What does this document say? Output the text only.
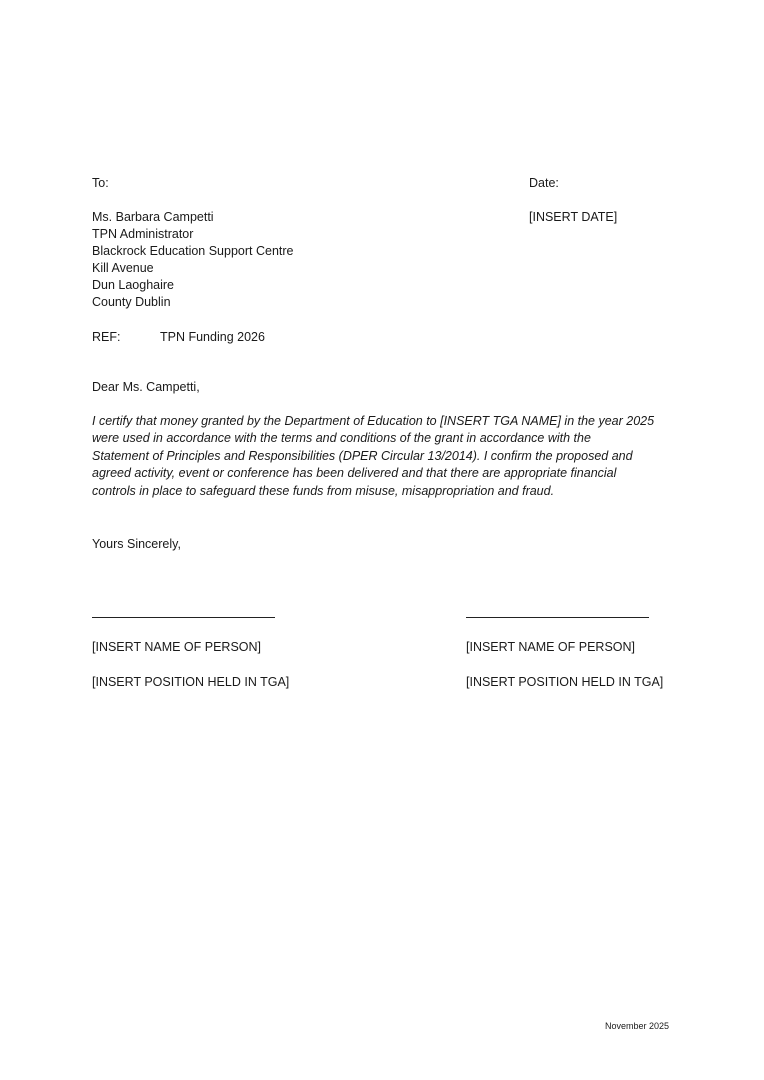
To:	Date:
[INSERT DATE]
Ms. Barbara Campetti
TPN Administrator
Blackrock Education Support Centre
Kill Avenue
Dun Laoghaire
County Dublin
REF:	TPN Funding 2026
Dear Ms. Campetti,
I certify that money granted by the Department of Education to [INSERT TGA NAME] in the year 2025
were used in accordance with the terms and conditions of the grant in accordance with the
Statement of Principles and Responsibilities (DPER Circular 13/2014). I confirm the proposed and
agreed activity, event or conference has been delivered and that there are appropriate financial
controls in place to safeguard these funds from misuse, misappropriation and fraud.
Yours Sincerely,
[INSERT NAME OF PERSON]	[INSERT NAME OF PERSON]
[INSERT POSITION HELD IN TGA]	[INSERT POSITION HELD IN TGA]
November 2025
